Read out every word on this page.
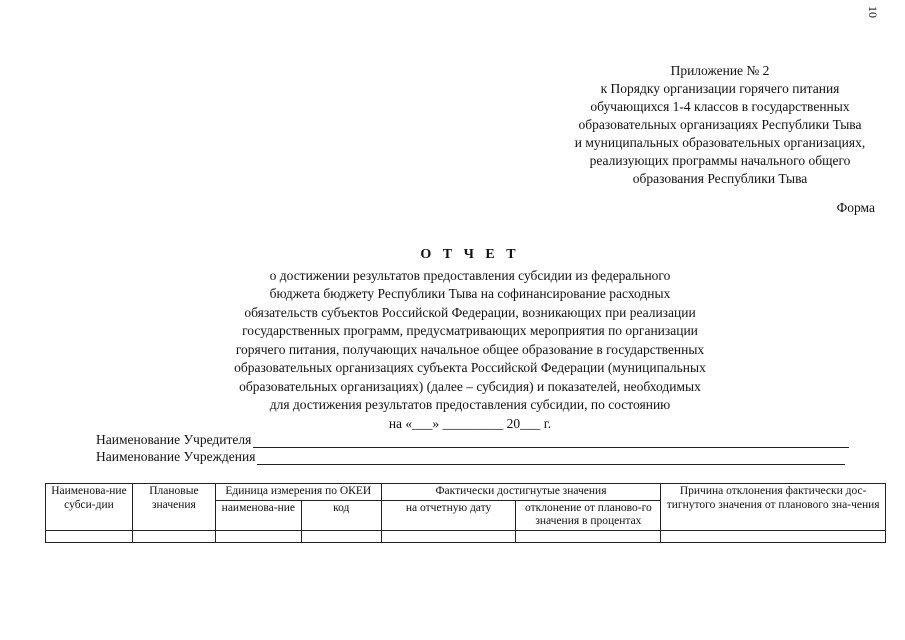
10
Приложение № 2
к Порядку организации горячего питания
обучающихся 1-4 классов в государственных
образовательных организациях Республики Тыва
и муниципальных образовательных организациях,
реализующих программы начального общего
образования Республики Тыва
Форма
О Т Ч Е Т
о достижении результатов предоставления субсидии из федерального
бюджета бюджету Республики Тыва на софинансирование расходных
обязательств субъектов Российской Федерации, возникающих при реализации
государственных программ, предусматривающих мероприятия по организации
горячего питания, получающих начальное общее образование в государственных
образовательных организациях субъекта Российской Федерации (муниципальных
образовательных организациях) (далее – субсидия) и показателей, необходимых
для достижения результатов предоставления субсидии, по состоянию
на «___» _________ 20___ г.
Наименование Учредителя
Наименование Учреждения
Наименова-ние субси-дии	Плановые значения	Единица измерения по ОКЕИ		Фактически достигнутые значения		Причина отклонения фактически дос-тигнутого значения от планового зна-чения
		наименова-ние	код	на отчетную дату	отклонение от планово-го значения в процентах	
